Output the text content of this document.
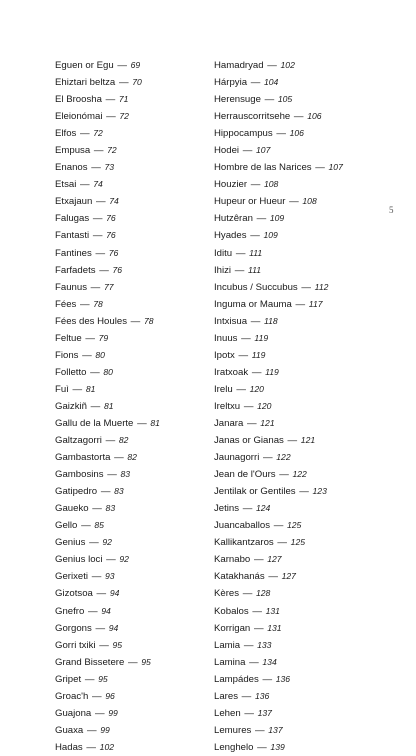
Eguen or Egu — 69
Ehiztari beltza — 70
El Broosha — 71
Eleionómai — 72
Elfos — 72
Empusa — 72
Enanos — 73
Etsai — 74
Etxajaun — 74
Falugas — 76
Fantasti — 76
Fantines — 76
Farfadets — 76
Faunus — 77
Fées — 78
Fées des Houles — 78
Feltue — 79
Fions — 80
Folletto — 80
Fuì — 81
Gaizkiñ — 81
Gallu de la Muerte — 81
Galtzagorri — 82
Gambastorta — 82
Gambosins — 83
Gatipedro — 83
Gaueko — 83
Gello — 85
Genius — 92
Genius loci — 92
Gerixeti — 93
Gizotsoa — 94
Gnefro — 94
Gorgons — 94
Gorri txiki — 95
Grand Bissetere — 95
Gripet — 95
Groac'h — 96
Guajona — 99
Guaxa — 99
Hadas — 102
Hamadryad — 102
Hárpyia — 104
Herensuge — 105
Herrauscorritsehe — 106
Hippocampus — 106
Hodei — 107
Hombre de las Narices — 107
Houzier — 108
Hupeur or Hueur — 108
Hutzêran — 109
Hyades — 109
Iditu — 111
Ihizi — 111
Incubus / Succubus — 112
Inguma or Mauma — 117
Intxisua — 118
Inuus — 119
Ipotx — 119
Iratxoak — 119
Irelu — 120
Ireltxu — 120
Janara — 121
Janas or Gianas — 121
Jaunagorri — 122
Jean de l'Ours — 122
Jentilak or Gentiles — 123
Jetins — 124
Juancaballos — 125
Kallikantzaros — 125
Karnabo — 127
Katakhanás — 127
Kères — 128
Kobalos — 131
Korrigan — 131
Lamia — 133
Lamina — 134
Lampádes — 136
Lares — 136
Lehen — 137
Lemures — 137
Lenghelo — 139
5
